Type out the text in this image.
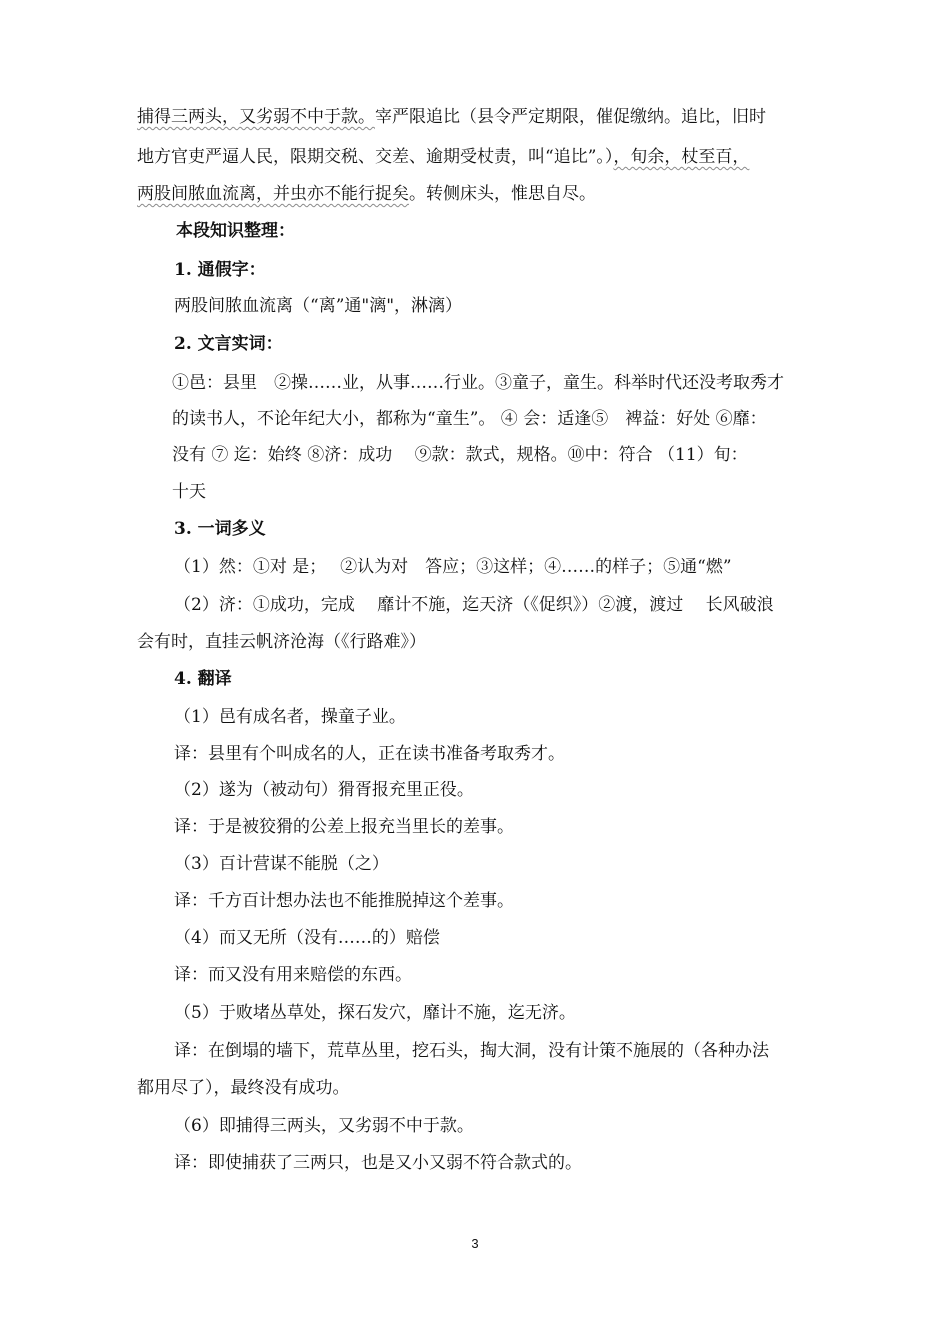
捕得三两头，又劣弱不中于款。宰严限追比（县令严定期限，催促缴纳。追比，旧时
地方官吏严逼人民，限期交税、交差、逾期受杖责，叫“追比”。），旬余，杖至百，
两股间脓血流离，并虫亦不能行捉矣。转侧床头，惟思自尽。
本段知识整理：
1. 通假字：
两股间脓血流离（“离”通"漓"，淋漓）
2. 文言实词：
①邑：县里　②操……业，从事……行业。③童子，童生。科举时代还没考取秀才
的读书人，不论年纪大小，都称为“童生”。 ④ 会：适逢⑤　裨益：好处 ⑥靡：
没有 ⑦ 迄：始终 ⑧济：成功　 ⑨款：款式，规格。⑩中：符合 （11）旬：
十天
3. 一词多义
（1）然：①对 是；　 ②认为对　答应；③这样；④……的样子；⑤通“燃”
（2）济：①成功，完成　 靡计不施，迄天济（《促织》）②渡，渡过　 长风破浪
会有时，直挂云帆济沧海（《行路难》）
4. 翻译
（1）邑有成名者，操童子业。
译：县里有个叫成名的人，正在读书准备考取秀才。
（2）遂为（被动句）猾胥报充里正役。
译：于是被狡猾的公差上报充当里长的差事。
（3）百计营谋不能脱（之）
译：千方百计想办法也不能推脱掉这个差事。
（4）而又无所（没有……的）赔偿
译：而又没有用来赔偿的东西。
（5）于败堵丛草处，探石发穴，靡计不施，迄无济。
译：在倒塌的墙下，荒草丛里，挖石头，掏大洞，没有计策不施展的（各种办法
都用尽了），最终没有成功。
（6）即捕得三两头，又劣弱不中于款。
译：即使捕获了三两只，也是又小又弱不符合款式的。
3
